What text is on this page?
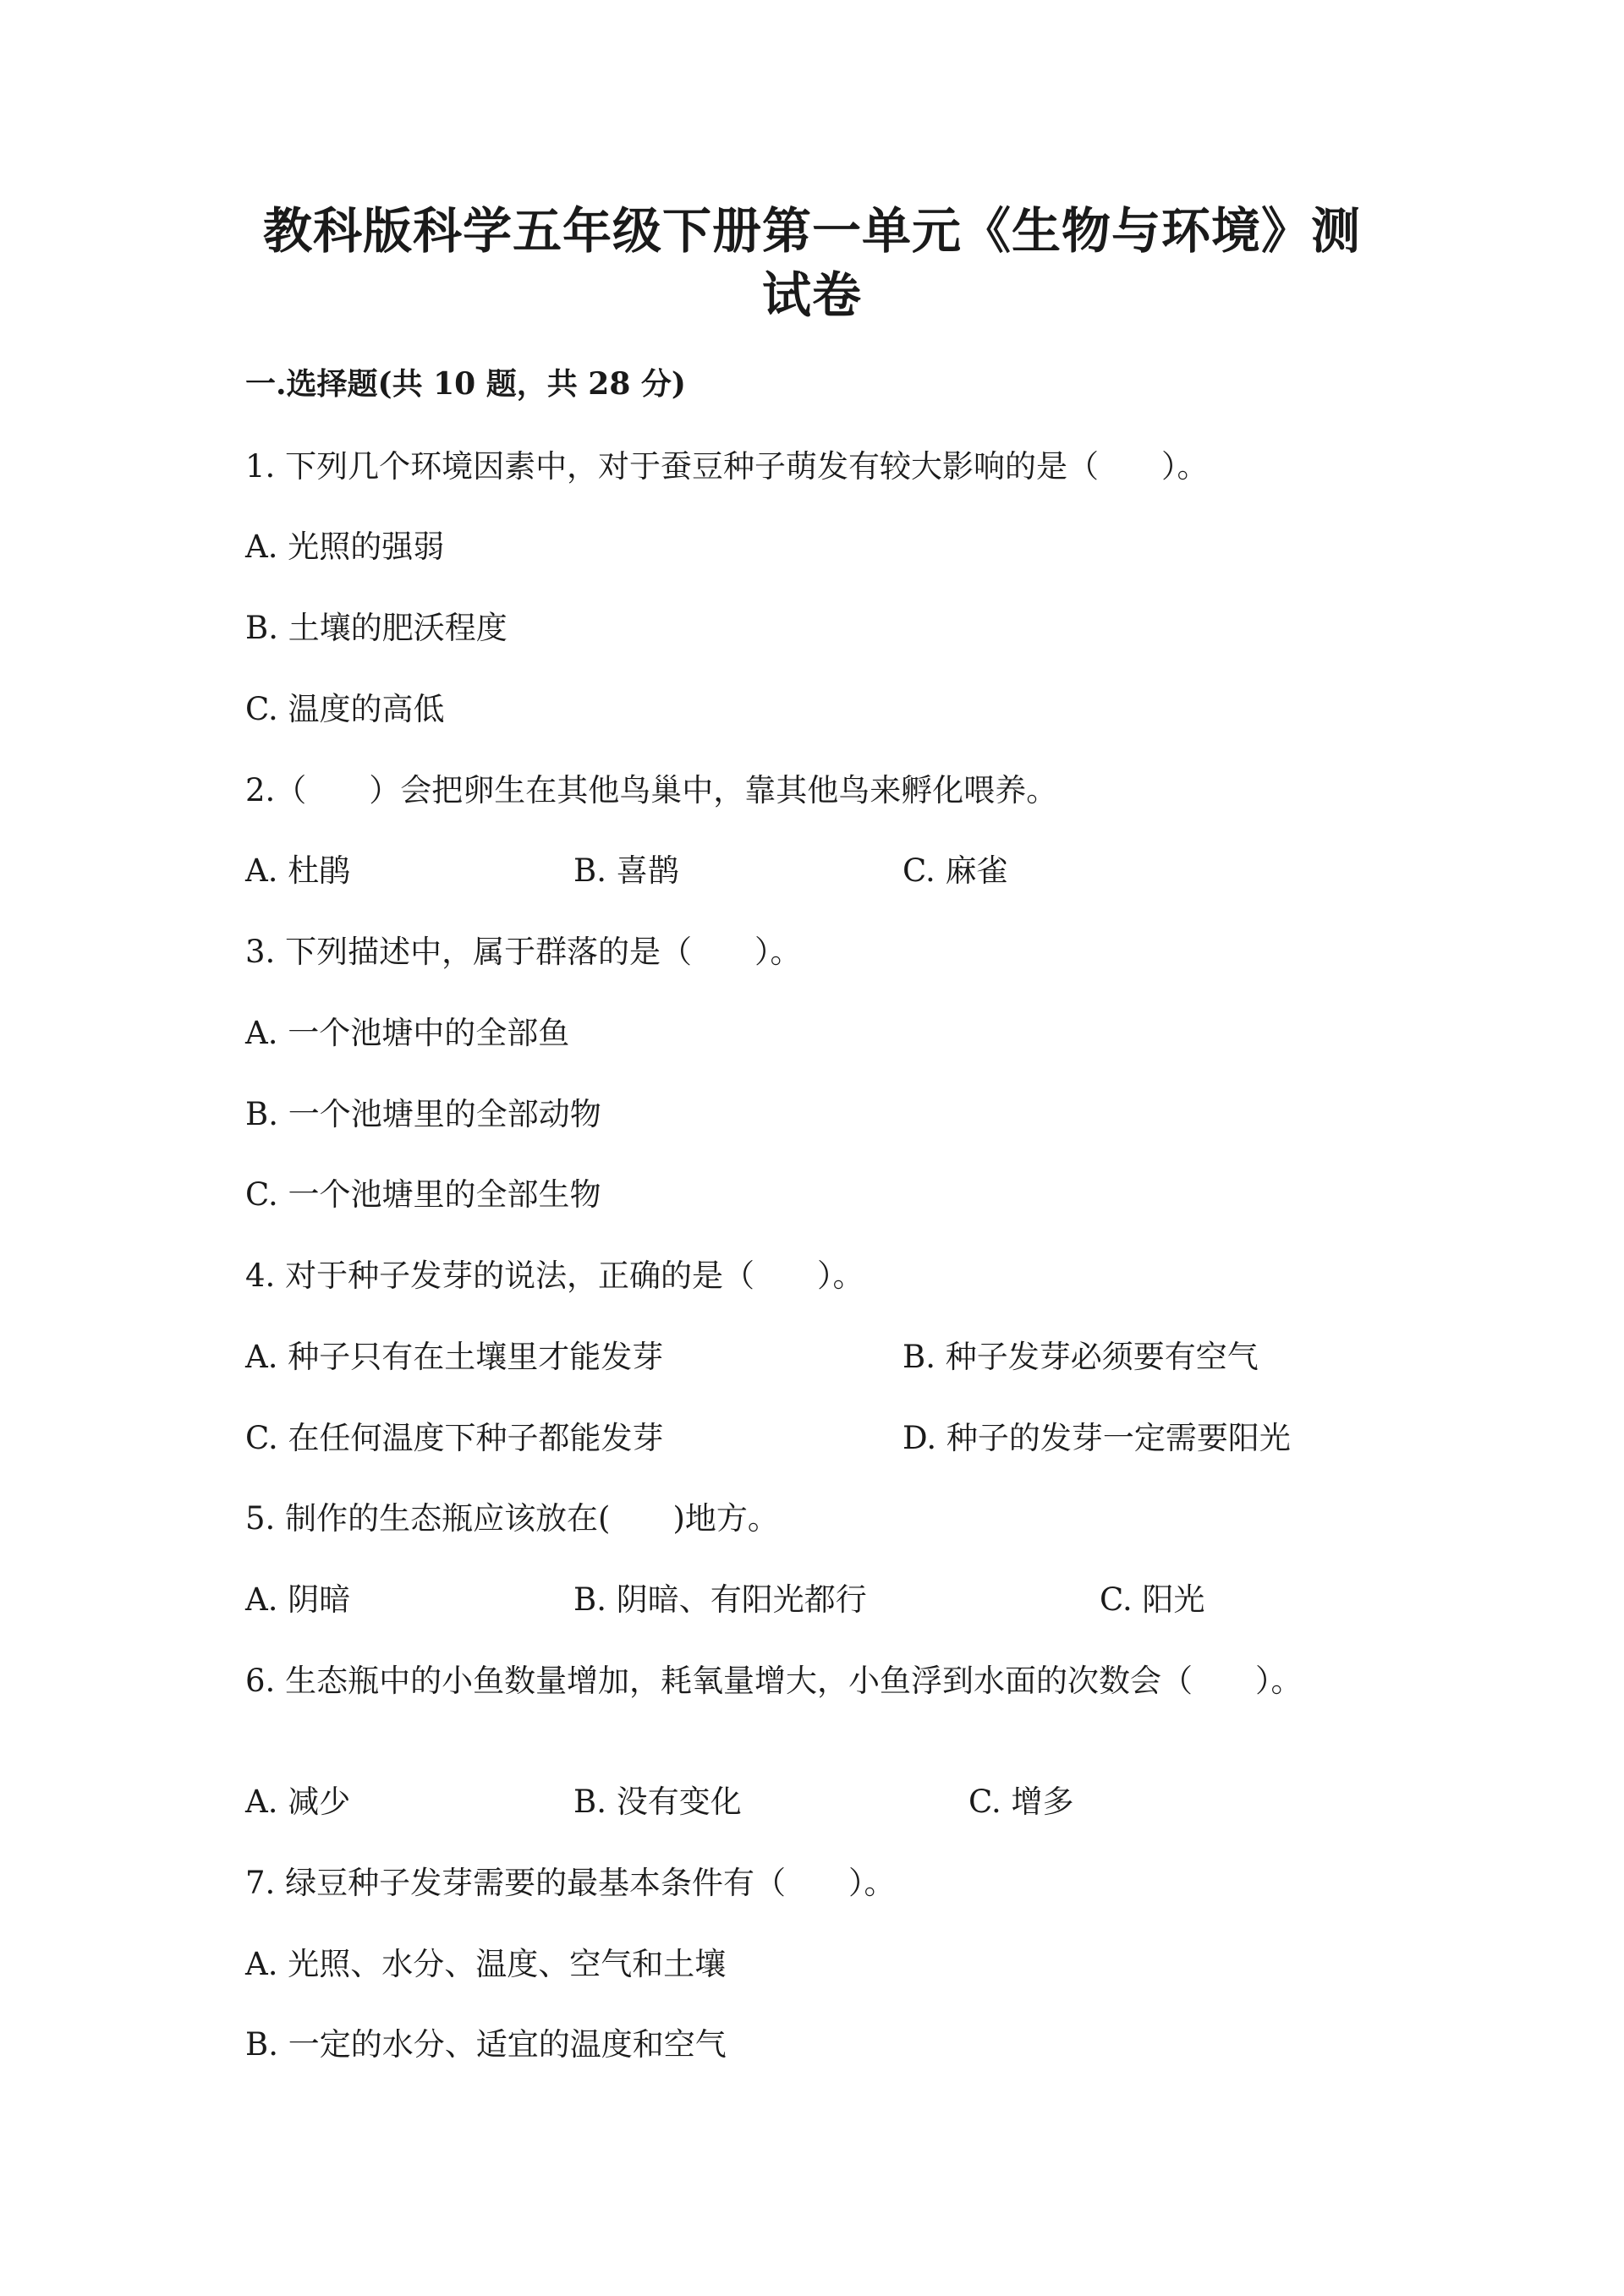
教科版科学五年级下册第一单元《生物与环境》测
试卷
一.选择题(共 10 题，共 28 分)
1. 下列几个环境因素中，对于蚕豆种子萌发有较大影响的是（　　）。
A. 光照的强弱
B. 土壤的肥沃程度
C. 温度的高低
2.（　　）会把卵生在其他鸟巢中，靠其他鸟来孵化喂养。
A. 杜鹃	B. 喜鹊	C. 麻雀
3. 下列描述中，属于群落的是（　　）。
A. 一个池塘中的全部鱼
B. 一个池塘里的全部动物
C. 一个池塘里的全部生物
4. 对于种子发芽的说法，正确的是（　　）。
A. 种子只有在土壤里才能发芽	B. 种子发芽必须要有空气
C. 在任何温度下种子都能发芽	D. 种子的发芽一定需要阳光
5. 制作的生态瓶应该放在(　　)地方。
A. 阴暗	B. 阴暗、有阳光都行	C. 阳光
6. 生态瓶中的小鱼数量增加，耗氧量增大，小鱼浮到水面的次数会（　　）。
A. 减少	B. 没有变化	C. 增多
7. 绿豆种子发芽需要的最基本条件有（　　）。
A. 光照、水分、温度、空气和土壤
B. 一定的水分、适宜的温度和空气
